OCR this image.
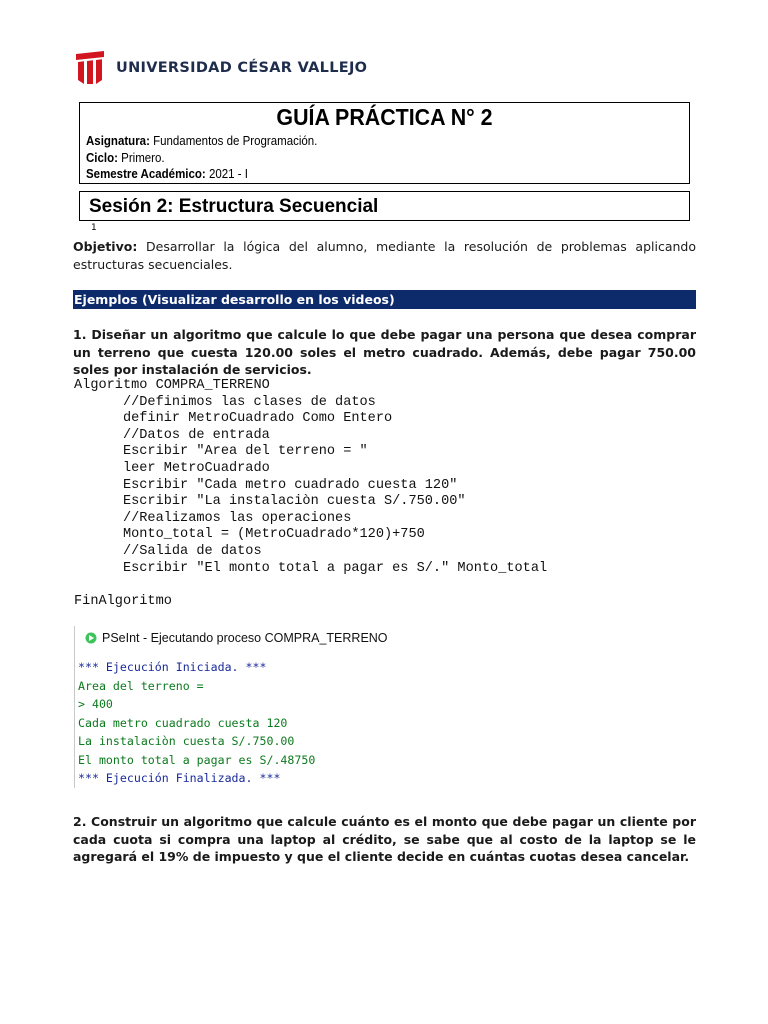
UNIVERSIDAD CÉSAR VALLEJO
GUÍA PRÁCTICA N° 2
Asignatura: Fundamentos de Programación.
Ciclo: Primero.
Semestre Académico: 2021 - I
Sesión 2: Estructura Secuencial
1
Objetivo: Desarrollar la lógica del alumno, mediante la resolución de problemas aplicando estructuras secuenciales.
Ejemplos (Visualizar desarrollo en los videos)
1. Diseñar un algoritmo que calcule lo que debe pagar una persona que desea comprar un terreno que cuesta 120.00 soles el metro cuadrado. Además, debe pagar 750.00 soles por instalación de servicios.
Algoritmo COMPRA_TERRENO
//Definimos las clases de datos
definir MetroCuadrado Como Entero
//Datos de entrada
Escribir "Area del terreno = "
leer MetroCuadrado
Escribir "Cada metro cuadrado cuesta 120"
Escribir "La instalaciòn cuesta S/.750.00"
//Realizamos las operaciones
Monto_total = (MetroCuadrado*120)+750
//Salida de datos
Escribir "El monto total a pagar es S/." Monto_total
FinAlgoritmo
PSeInt - Ejecutando proceso COMPRA_TERRENO
*** Ejecución Iniciada. ***
Area del terreno =
> 400
Cada metro cuadrado cuesta 120
La instalaciòn cuesta S/.750.00
El monto total a pagar es S/.48750
*** Ejecución Finalizada. ***
2. Construir un algoritmo que calcule cuánto es el monto que debe pagar un cliente por cada cuota si compra una laptop al crédito, se sabe que al costo de la laptop se le agregará el 19% de impuesto y que el cliente decide en cuántas cuotas desea cancelar.
